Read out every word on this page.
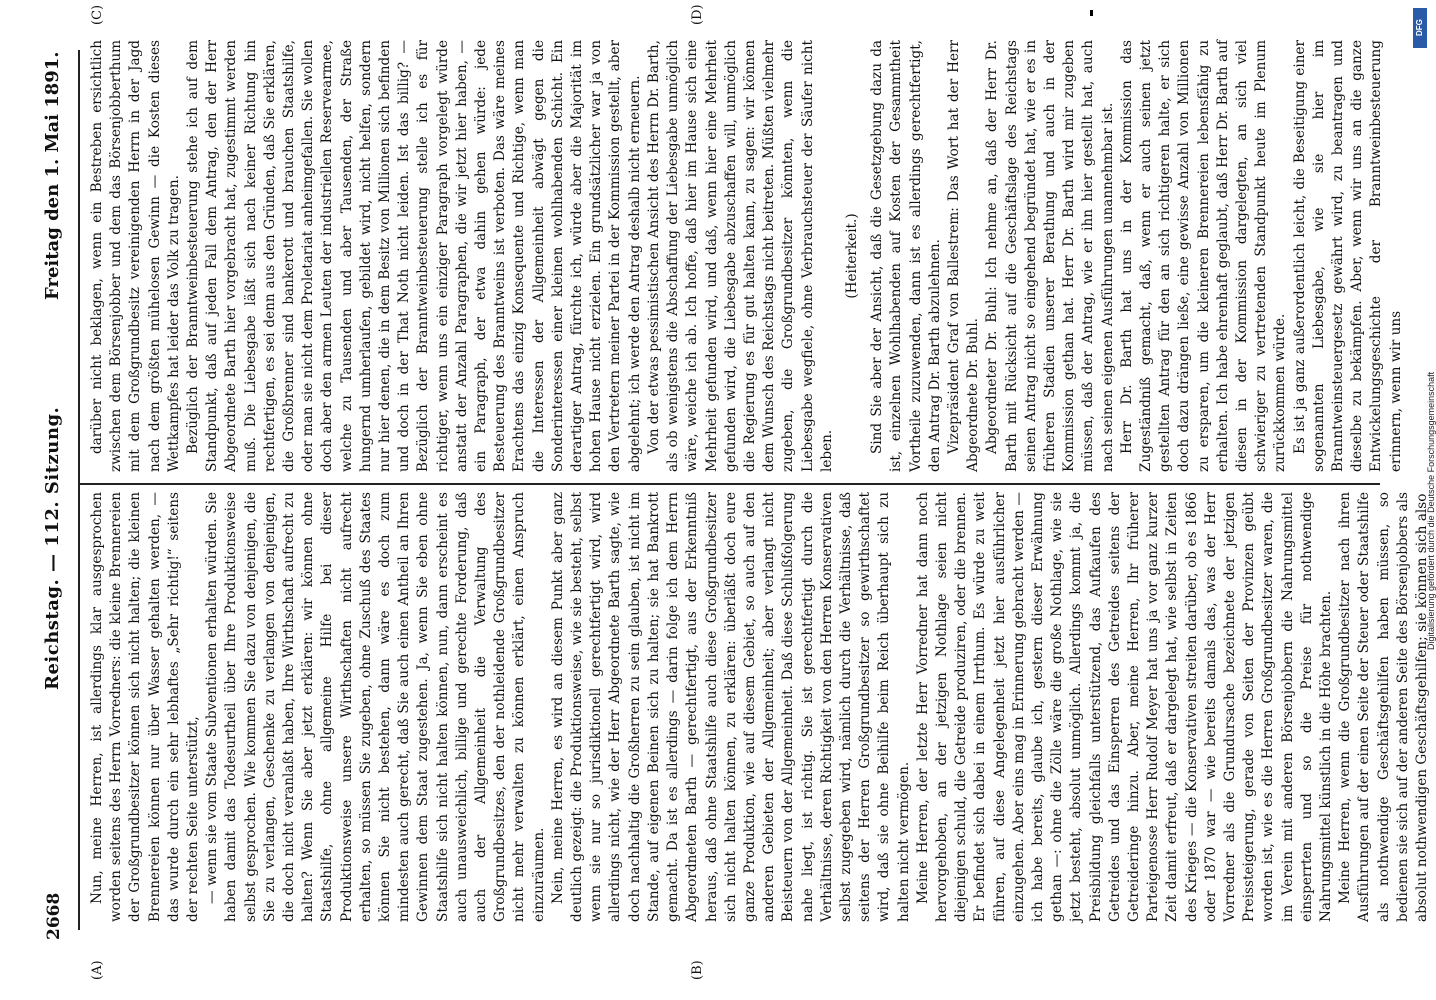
2668
Reichstag. — 112. Sitzung.
Freitag den 1. Mai 1891.
(A)	(B)
(C)	(D)

Nun, meine Herren, ist allerdings klar ausgesprochen worden seitens des Herrn Vorredners: die kleine Brennereien der Großgrundbesitzer können sich nicht halten; die kleinen Brennereien können nur über Wasser gehalten werden, — das wurde durch ein sehr lebhaftes „Sehr richtig!“ seitens der rechten Seite unterstützt, — wenn sie vom Staate Subventionen erhalten würden. Sie haben damit das Todesurtheil über Ihre Produktionsweise selbst gesprochen. Wie kommen Sie dazu von denjenigen, die Sie zu verlangen, Geschenke zu verlangen von denjenigen, die doch nicht veranlaßt haben, Ihre Wirthschaft aufrecht zu halten? Wenn Sie aber jetzt erklären: wir können ohne Staatshilfe, ohne allgemeine Hilfe bei dieser Produktionsweise unsere Wirthschaften nicht aufrecht erhalten, so müssen Sie zugeben, ohne Zuschuß des Staates können Sie nicht bestehen, dann wäre es doch zum mindesten auch gerecht, daß Sie auch einen Antheil an Ihren Gewinnen dem Staat zugestehen. Ja, wenn Sie eben ohne Staatshilfe sich nicht halten können, nun, dann erscheint es auch unausweichlich, billige und gerechte Forderung, daß auch der Allgemeinheit die Verwaltung des Großgrundbesitzes, den der nothleidende Großgrundbesitzer nicht mehr verwalten zu können erklärt, einen Anspruch einzuräumen. Nein, meine Herren, es wird an diesem Punkt aber ganz deutlich gezeigt: die Produktionsweise, wie sie besteht, selbst wenn sie nur so jurisdiktionell gerechtfertigt wird, wird allerdings nicht, wie der Herr Abgeordnete Barth sagte, wie doch nachhaltig die Großherren zu sein glauben, ist nicht im Stande, auf eigenen Beinen sich zu halten; sie hat Bankrott gemacht. Da ist es allerdings — darin folge ich dem Herrn Abgeordneten Barth — gerechtfertigt, aus der Erkenntniß heraus, daß ohne Staatshilfe auch diese Großgrundbesitzer sich nicht halten können, zu erklären: überläßt doch eure ganze Produktion, wie auf diesem Gebiet, so auch auf den anderen Gebieten der Allgemeinheit; aber verlangt nicht Beisteuern von der Allgemeinheit. Daß diese Schlußfolgerung nahe liegt, ist richtig. Sie ist gerechtfertigt durch die Verhältnisse, deren Richtigkeit von den Herren Konservativen selbst zugegeben wird, nämlich durch die Verhältnisse, daß seitens der Herren Großgrundbesitzer so gewirthschaftet wird, daß sie ohne Beihilfe beim Reich überhaupt sich zu halten nicht vermögen. Meine Herren, der letzte Herr Vorredner hat dann noch hervorgehoben, an der jetzigen Nothlage seien nicht diejenigen schuld, die Getreide produziren, oder die brennen. Er befindet sich dabei in einem Irrthum. Es würde zu weit führen, auf diese Angelegenheit jetzt hier ausführlicher einzugehen. Aber eins mag in Erinnerung gebracht werden — ich habe bereits, glaube ich, gestern dieser Erwähnung gethan —: ohne die Zölle wäre die große Nothlage, wie sie jetzt besteht, absolut unmöglich. Allerdings kommt ja, die Preisbildung gleichfalls unterstützend, das Aufkaufen des Getreides und das Einsperren des Getreides seitens der Getreideringe hinzu. Aber, meine Herren, Ihr früherer Parteigenosse Herr Rudolf Meyer hat uns ja vor ganz kurzer Zeit damit erfreut, daß er dargelegt hat, wie selbst in Zeiten des Krieges — die Konservativen streiten darüber, ob es 1866 oder 1870 war — wie bereits damals das, was der Herr Vorredner als die Grundursache bezeichnete der jetzigen Preissteigerung, gerade von Seiten der Provinzen geübt worden ist, wie es die Herren Großgrundbesitzer waren, die im Verein mit anderen Börsenjobbern die Nahrungsmittel einsperrten und so die Preise für nothwendige Nahrungsmittel künstlich in die Höhe brachten. Meine Herren, wenn die Großgrundbesitzer nach ihren Ausführungen auf der einen Seite der Steuer oder Staatshilfe als nothwendige Geschäftsgehilfen haben müssen, so bedienen sie sich auf der anderen Seite des Börsenjobbers als absolut nothwendigen Geschäftsgehilfen; sie können sich also

darüber nicht beklagen, wenn ein Bestreben ersichtlich zwischen dem Börsenjobber und dem das Börsenjobberthum mit dem Großgrundbesitz vereinigenden Herrn in der Jagd nach dem größten mühelosen Gewinn — die Kosten dieses Wettkampfes hat leider das Volk zu tragen. Bezüglich der Branntweinbesteuerung stehe ich auf dem Standpunkt, daß auf jeden Fall dem Antrag, den der Herr Abgeordnete Barth hier vorgebracht hat, zugestimmt werden muß. Die Liebesgabe läßt sich nach keiner Richtung hin rechtfertigen, es sei denn aus den Gründen, daß Sie erklären, die Großbrenner sind bankerott und brauchen Staatshilfe, oder man sie nicht dem Proletariat anheimgefallen. Sie wollen doch aber den armen Leuten der industriellen Reservearmee, welche zu Tausenden und aber Tausenden, der Straße hungernd umherlaufen, gebildet wird, nicht helfen, sondern nur hier denen, die in dem Besitz von Millionen sich befinden und doch in der That Noth nicht leiden. Ist das billig? — Bezüglich der Branntweinbesteuerung stelle ich es für richtiger, wenn uns ein einziger Paragraph vorgelegt würde anstatt der Anzahl Paragraphen, die wir jetzt hier haben, — ein Paragraph, der etwa dahin gehen würde: jede Besteuerung des Branntweins ist verboten. Das wäre meines Erachtens das einzig Konsequente und Richtige, wenn man die Interessen der Allgemeinheit abwägt gegen die Sonderinteressen einer kleinen wohlhabenden Schicht. Ein derartiger Antrag, fürchte ich, würde aber die Majorität im hohen Hause nicht erzielen. Ein grundsätzlicher war ja von den Vertretern meiner Partei in der Kommission gestellt, aber abgelehnt; ich werde den Antrag deshalb nicht erneuern. Von der etwas pessimistischen Ansicht des Herrn Dr. Barth, als ob wenigstens die Abschaffung der Liebesgabe unmöglich wäre, weiche ich ab. Ich hoffe, daß hier im Hause sich eine Mehrheit gefunden wird, und daß, wenn hier eine Mehrheit gefunden wird, die Liebesgabe abzuschaffen will, unmöglich die Regierung es für gut halten kann, zu sagen: wir können dem Wunsch des Reichstags nicht beitreten. Müßten vielmehr zugeben, die Großgrundbesitzer könnten, wenn die Liebesgabe wegfiele, ohne Verbrauchsteuer der Säufer nicht leben.

(Heiterkeit.) Sind Sie aber der Ansicht, daß die Gesetzgebung dazu da ist, einzelnen Wohlhabenden auf Kosten der Gesammtheit Vortheile zuzuwenden, dann ist es allerdings gerechtfertigt, den Antrag Dr. Barth abzulehnen. Vizepräsident Graf von Ballestrem: Das Wort hat der Herr Abgeordnete Dr. Buhl. Abgeordneter Dr. Buhl: Ich nehme an, daß der Herr Dr. Barth mit Rücksicht auf die Geschäftslage des Reichstags seinen Antrag nicht so eingehend begründet hat, wie er es in früheren Stadien unserer Berathung und auch in der Kommission gethan hat. Herr Dr. Barth wird mir zugeben müssen, daß der Antrag, wie er ihn hier gestellt hat, auch nach seinen eigenen Ausführungen unannehmbar ist. Herr Dr. Barth hat uns in der Kommission das Zugeständniß gemacht, daß, wenn er auch seinen jetzt gestellten Antrag für den an sich richtigeren halte, er sich doch dazu drängen ließe, eine gewisse Anzahl von Millionen zu ersparen, um die kleineren Brennereien lebensfähig zu erhalten. Ich habe ehrenhaft geglaubt, daß Herr Dr. Barth auf diesen in der Kommission dargelegten, an sich viel schwieriger zu vertretenden Standpunkt heute im Plenum zurückkommen würde. Es ist ja ganz außerordentlich leicht, die Beseitigung einer sogenannten Liebesgabe, wie sie hier im Branntweinsteuergesetz gewährt wird, zu beantragen und dieselbe zu bekämpfen. Aber, wenn wir uns an die ganze Entwickelungsgeschichte der Branntweinbesteuerung erinnern, wenn wir uns Digitalisierung gefördert durch die Deutsche Forschungsgemeinschaft
DFG
